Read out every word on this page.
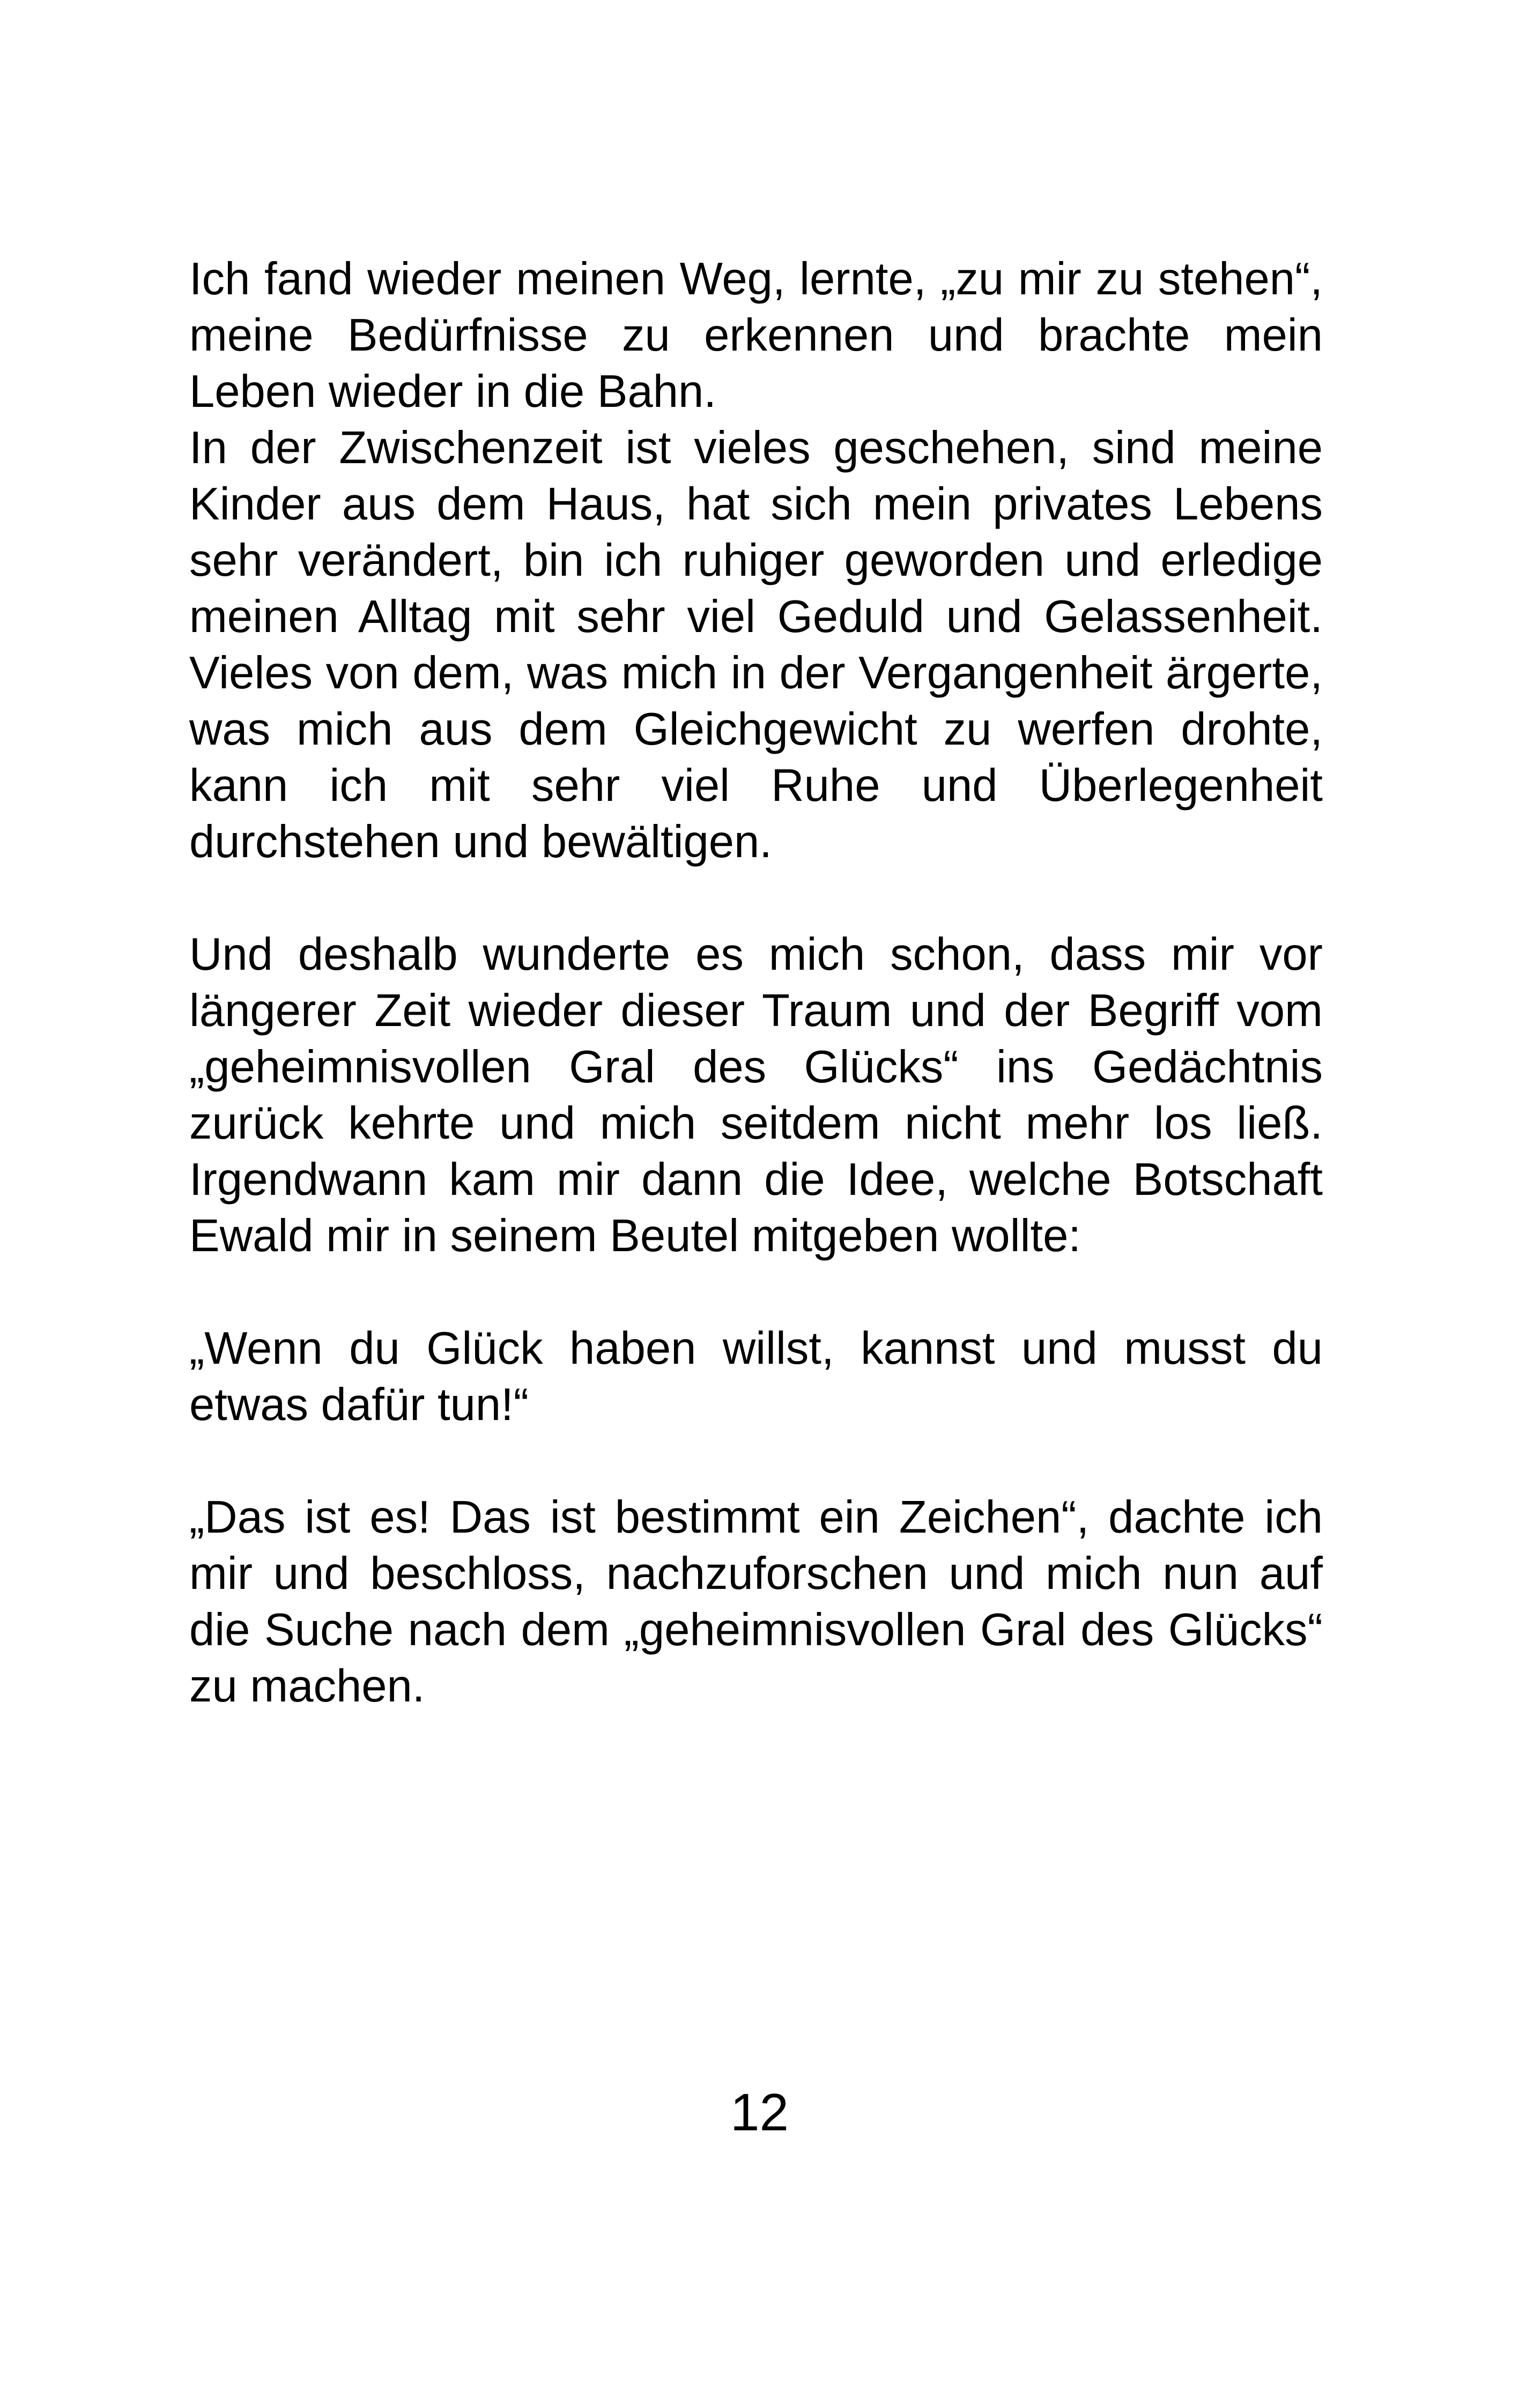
Ich fand wieder meinen Weg, lernte, „zu mir zu stehen“, meine Bedürfnisse zu erkennen und brachte mein Leben wieder in die Bahn.

In der Zwischenzeit ist vieles geschehen, sind meine Kinder aus dem Haus, hat sich mein privates Lebens sehr verändert, bin ich ruhiger geworden und erledige meinen Alltag mit sehr viel Geduld und Gelassenheit. Vieles von dem, was mich in der Vergangenheit ärgerte, was mich aus dem Gleichgewicht zu werfen drohte, kann ich mit sehr viel Ruhe und Überlegenheit durchstehen und bewältigen.

Und deshalb wunderte es mich schon, dass mir vor längerer Zeit wieder dieser Traum und der Begriff vom „geheimnisvollen Gral des Glücks“ ins Gedächtnis zurück kehrte und mich seitdem nicht mehr los ließ. Irgendwann kam mir dann die Idee, welche Botschaft Ewald mir in seinem Beutel mitgeben wollte:

„Wenn du Glück haben willst, kannst und musst du etwas dafür tun!“

„Das ist es! Das ist bestimmt ein Zeichen“, dachte ich mir und beschloss, nachzuforschen und mich nun auf die Suche nach dem „geheimnisvollen Gral des Glücks“ zu machen.

12
